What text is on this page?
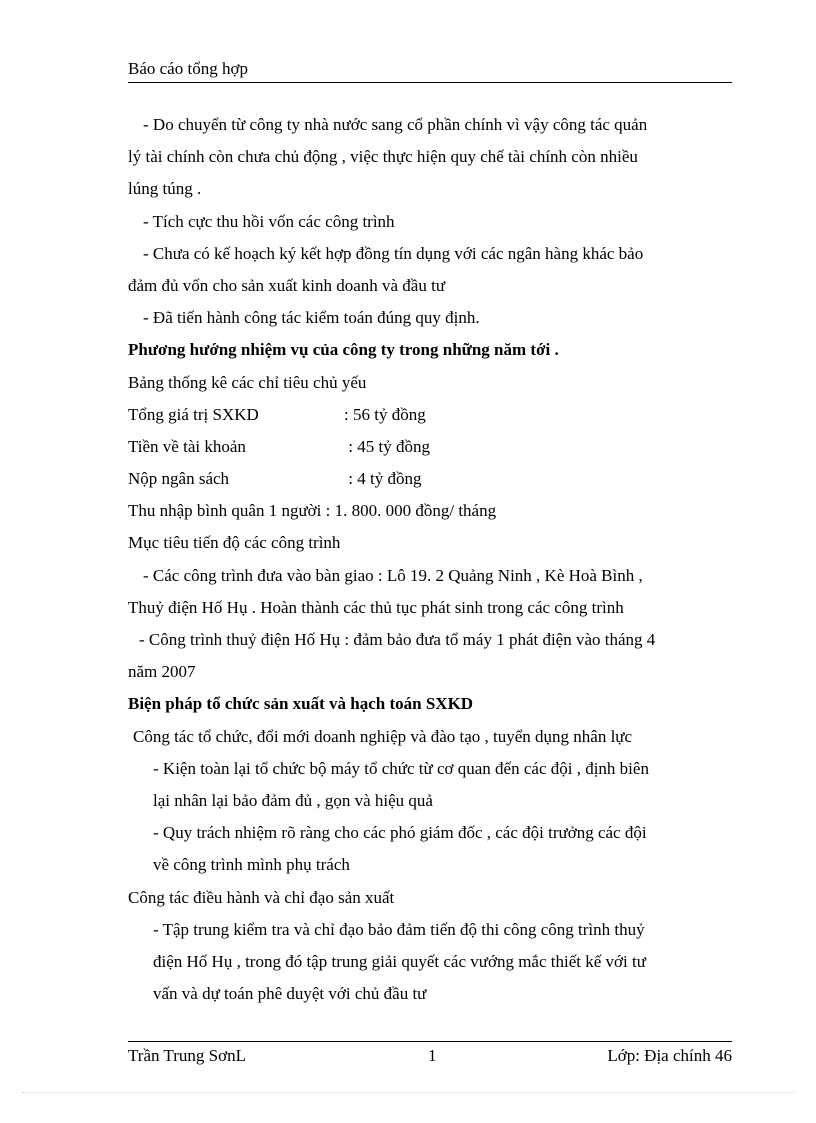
Báo cáo tổng hợp
- Do chuyển từ công ty nhà nước sang cổ phần chính vì vậy công tác quản
lý tài chính còn chưa chủ động , việc thực hiện quy chế tài chính còn nhiều
lúng túng .
- Tích cực thu hồi vốn các công trình
- Chưa có kế hoạch ký kết hợp đồng tín dụng với các ngân hàng khác bảo
đảm đủ vốn cho sản xuất kinh doanh và đầu tư
- Đã tiến hành công tác kiểm toán đúng quy định.
Phương hướng nhiệm vụ của công ty trong những năm tới .
Bảng thống kê các chỉ tiêu chủ yếu
Tổng giá trị SXKD	: 56 tỷ đồng
Tiền về tài khoản	: 45 tỷ đồng
Nộp ngân sách	: 4 tỷ đồng
Thu nhập bình quân 1 người : 1. 800. 000 đồng/ tháng
Mục tiêu tiến độ các công trình
- Các công trình đưa vào bàn giao : Lô 19. 2 Quảng Ninh , Kè Hoà Bình ,
Thuỷ điện Hố Hụ . Hoàn thành các thủ tục phát sinh trong các công trình
- Công trình thuỷ điện Hố Hụ : đảm bảo đưa tổ máy 1 phát điện vào tháng 4
năm 2007
Biện pháp tổ chức sản xuất và hạch toán SXKD
Công tác tổ chức, đổi mới doanh nghiệp và đào tạo , tuyển dụng nhân lực
- Kiện toàn lại tổ chức bộ máy tổ chức từ cơ quan đến các đội , định biên
lại nhân lại bảo đảm đủ , gọn và hiệu quả
- Quy trách nhiệm rõ ràng cho các phó giám đốc , các đội trưởng các đội
về công trình mình phụ trách
Công tác điều hành và chỉ đạo sản xuất
- Tập trung kiểm tra và chỉ đạo bảo đảm tiến độ thi công công trình thuỷ
điện Hố Hụ , trong đó tập trung giải quyết các vướng mắc thiết kế với tư
vấn và dự toán phê duyệt với chủ đầu tư
Trần Trung SơnL	1	Lớp: Địa chính 46
